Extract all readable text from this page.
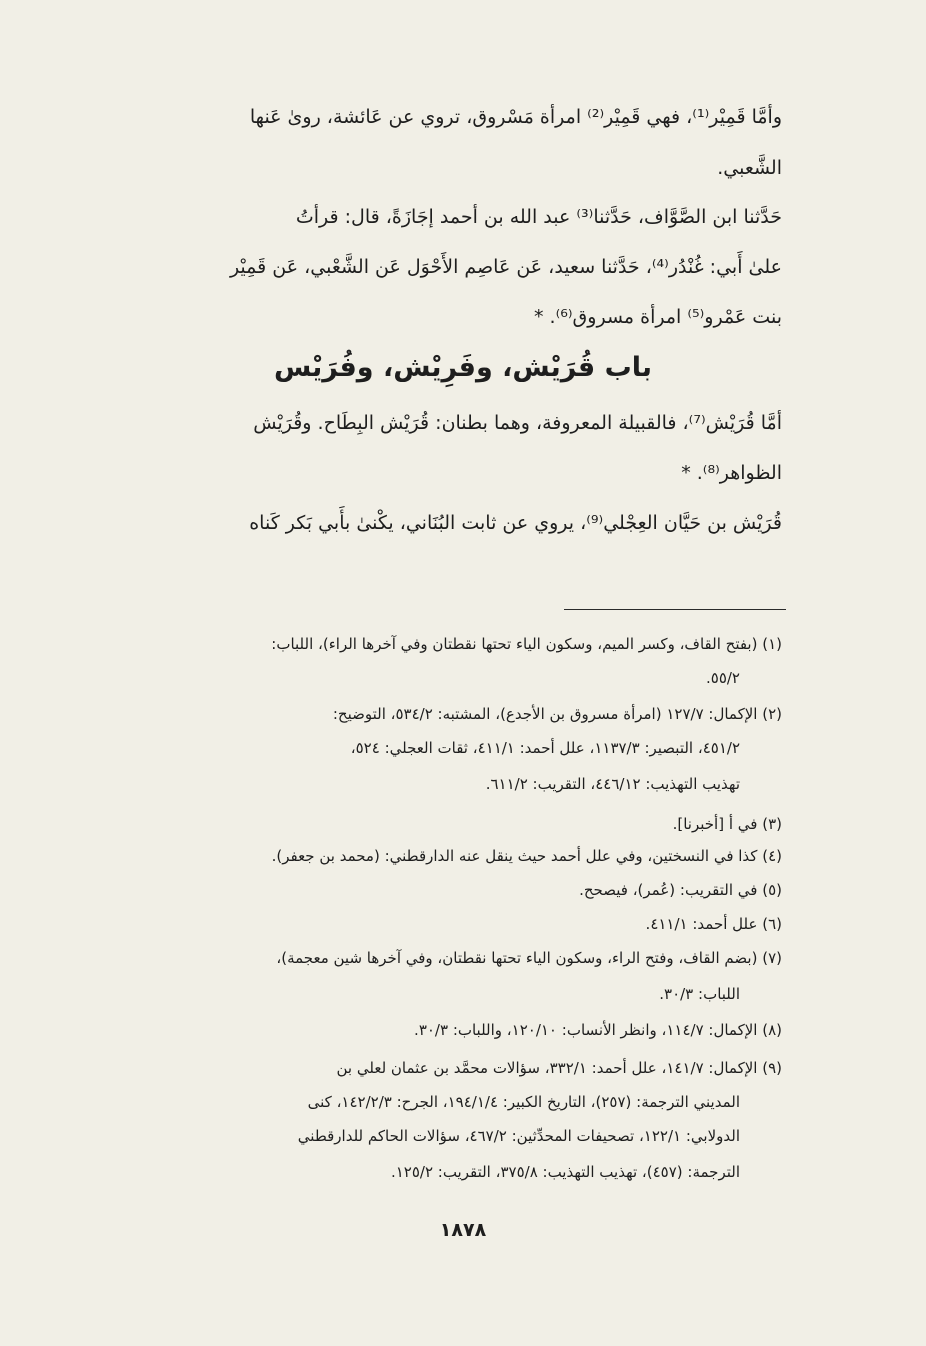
وأمَّا قَمِيْر⁽¹⁾، فهي قَمِيْر⁽²⁾ امرأة مَسْروق، تروي عن عَائشة، روىٰ عَنها
الشَّعبي.
حَدَّثنا ابن الصَّوَّاف، حَدَّثنا⁽³⁾ عبد الله بن أحمد إجَازَةً، قال: قرأتُ
علىٰ أَبي: غُنْدُر⁽⁴⁾، حَدَّثنا سعيد، عَن عَاصِم الأَحْوَل عَن الشَّعْبي، عَن قَمِيْر
بنت عَمْرو⁽⁵⁾ امرأة مسروق⁽⁶⁾. *
باب قُرَيْش، وفَرِيْش، وفُرَيْس
أمَّا قُرَيْش⁽⁷⁾، فالقبيلة المعروفة، وهما بطنان: قُرَيْش البِطَاح. وقُرَيْش
الظواهر⁽⁸⁾. *
قُرَيْش بن حَيَّان العِجْلي⁽⁹⁾، يروي عن ثابت البُنَاني، يكْنىٰ بأَبي بَكر كَناه
(١) (بفتح القاف، وكسر الميم، وسكون الياء تحتها نقطتان وفي آخرها الراء)، اللباب:
٥٥/٢.
(٢) الإكمال: ١٢٧/٧ (امرأة مسروق بن الأجدع)، المشتبه: ٥٣٤/٢، التوضيح:
٤٥١/٢، التبصير: ١١٣٧/٣، علل أحمد: ٤١١/١، ثقات العجلي: ٥٢٤،
تهذيب التهذيب: ٤٤٦/١٢، التقريب: ٦١١/٢.
(٣) في أ [أخبرنا].
(٤) كذا في النسختين، وفي علل أحمد حيث ينقل عنه الدارقطني: (محمد بن جعفر).
(٥) في التقريب: (عُمر)، فيصحح.
(٦) علل أحمد: ٤١١/١.
(٧) (بضم القاف، وفتح الراء، وسكون الياء تحتها نقطتان، وفي آخرها شين معجمة)،
اللباب: ٣٠/٣.
(٨) الإكمال: ١١٤/٧، وانظر الأنساب: ١٢٠/١٠، واللباب: ٣٠/٣.
(٩) الإكمال: ١٤١/٧، علل أحمد: ٣٣٢/١، سؤالات محمَّد بن عثمان لعلي بن
المديني الترجمة: (٢٥٧)، التاريخ الكبير: ١٩٤/١/٤، الجرح: ١٤٢/٢/٣، كنى
الدولابي: ١٢٢/١، تصحيفات المحدِّثين: ٤٦٧/٢، سؤالات الحاكم للدارقطني
الترجمة: (٤٥٧)، تهذيب التهذيب: ٣٧٥/٨، التقريب: ١٢٥/٢.
١٨٧٨
